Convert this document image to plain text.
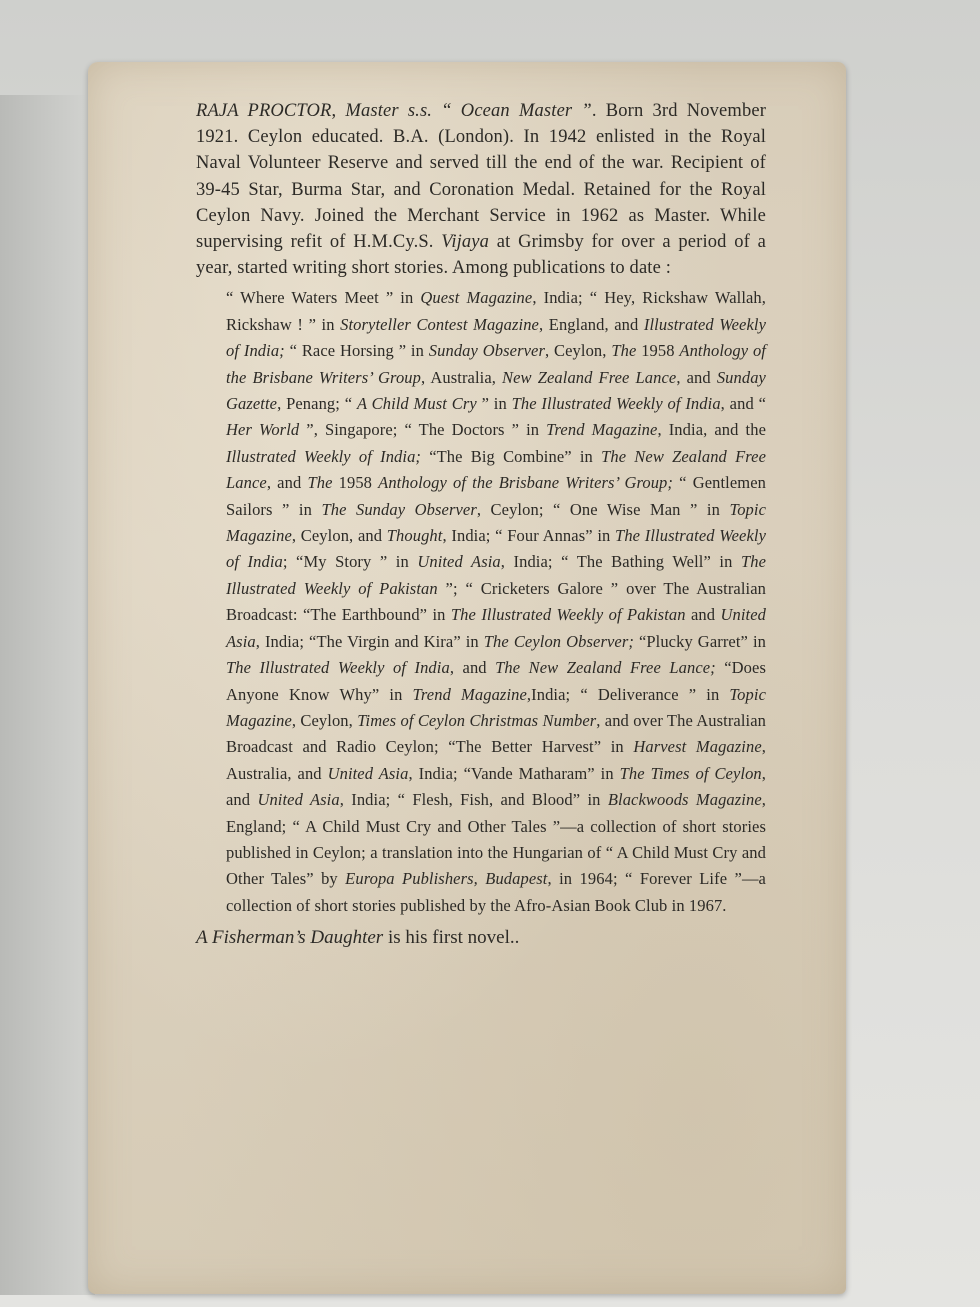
RAJA PROCTOR, Master s.s. “ Ocean Master ”. Born 3rd November 1921. Ceylon educated. B.A. (London). In 1942 enlisted in the Royal Naval Volunteer Reserve and served till the end of the war. Recipient of 39-45 Star, Burma Star, and Coronation Medal. Retained for the Royal Ceylon Navy. Joined the Merchant Service in 1962 as Master. While supervising refit of H.M.Cy.S. Vijaya at Grimsby for over a period of a year, started writing short stories. Among publications to date :

“ Where Waters Meet ” in Quest Magazine, India; “ Hey, Rickshaw Wallah, Rickshaw ! ” in Storyteller Contest Magazine, England, and Illustrated Weekly of India; “ Race Horsing ” in Sunday Observer, Ceylon, The 1958 Anthology of the Brisbane Writers’ Group, Australia, New Zealand Free Lance, and Sunday Gazette, Penang; “ A Child Must Cry ” in The Illustrated Weekly of India, and “ Her World ”, Singapore; “ The Doctors ” in Trend Magazine, India, and the Illustrated Weekly of India; “The Big Combine” in The New Zealand Free Lance, and The 1958 Anthology of the Brisbane Writers’ Group; “ Gentlemen Sailors ” in The Sunday Observer, Ceylon; “ One Wise Man ” in Topic Magazine, Ceylon, and Thought, India; “ Four Annas” in The Illustrated Weekly of India; “My Story ” in United Asia, India; “ The Bathing Well” in The Illustrated Weekly of Pakistan ”; “ Cricketers Galore ” over The Australian Broadcast: “The Earthbound” in The Illustrated Weekly of Pakistan and United Asia, India; “The Virgin and Kira” in The Ceylon Observer; “Plucky Garret” in The Illustrated Weekly of India, and The New Zealand Free Lance; “Does Anyone Know Why” in Trend Magazine,India; “ Deliverance ” in Topic Magazine, Ceylon, Times of Ceylon Christmas Number, and over The Australian Broadcast and Radio Ceylon; “The Better Harvest” in Harvest Magazine, Australia, and United Asia, India; “Vande Matharam” in The Times of Ceylon, and United Asia, India; “ Flesh, Fish, and Blood” in Blackwoods Magazine, England; “ A Child Must Cry and Other Tales ”—a collection of short stories published in Ceylon; a translation into the Hungarian of “ A Child Must Cry and Other Tales” by Europa Publishers, Budapest, in 1964; “ Forever Life ”—a collection of short stories published by the Afro-Asian Book Club in 1967.

A Fisherman’s Daughter is his first novel..
